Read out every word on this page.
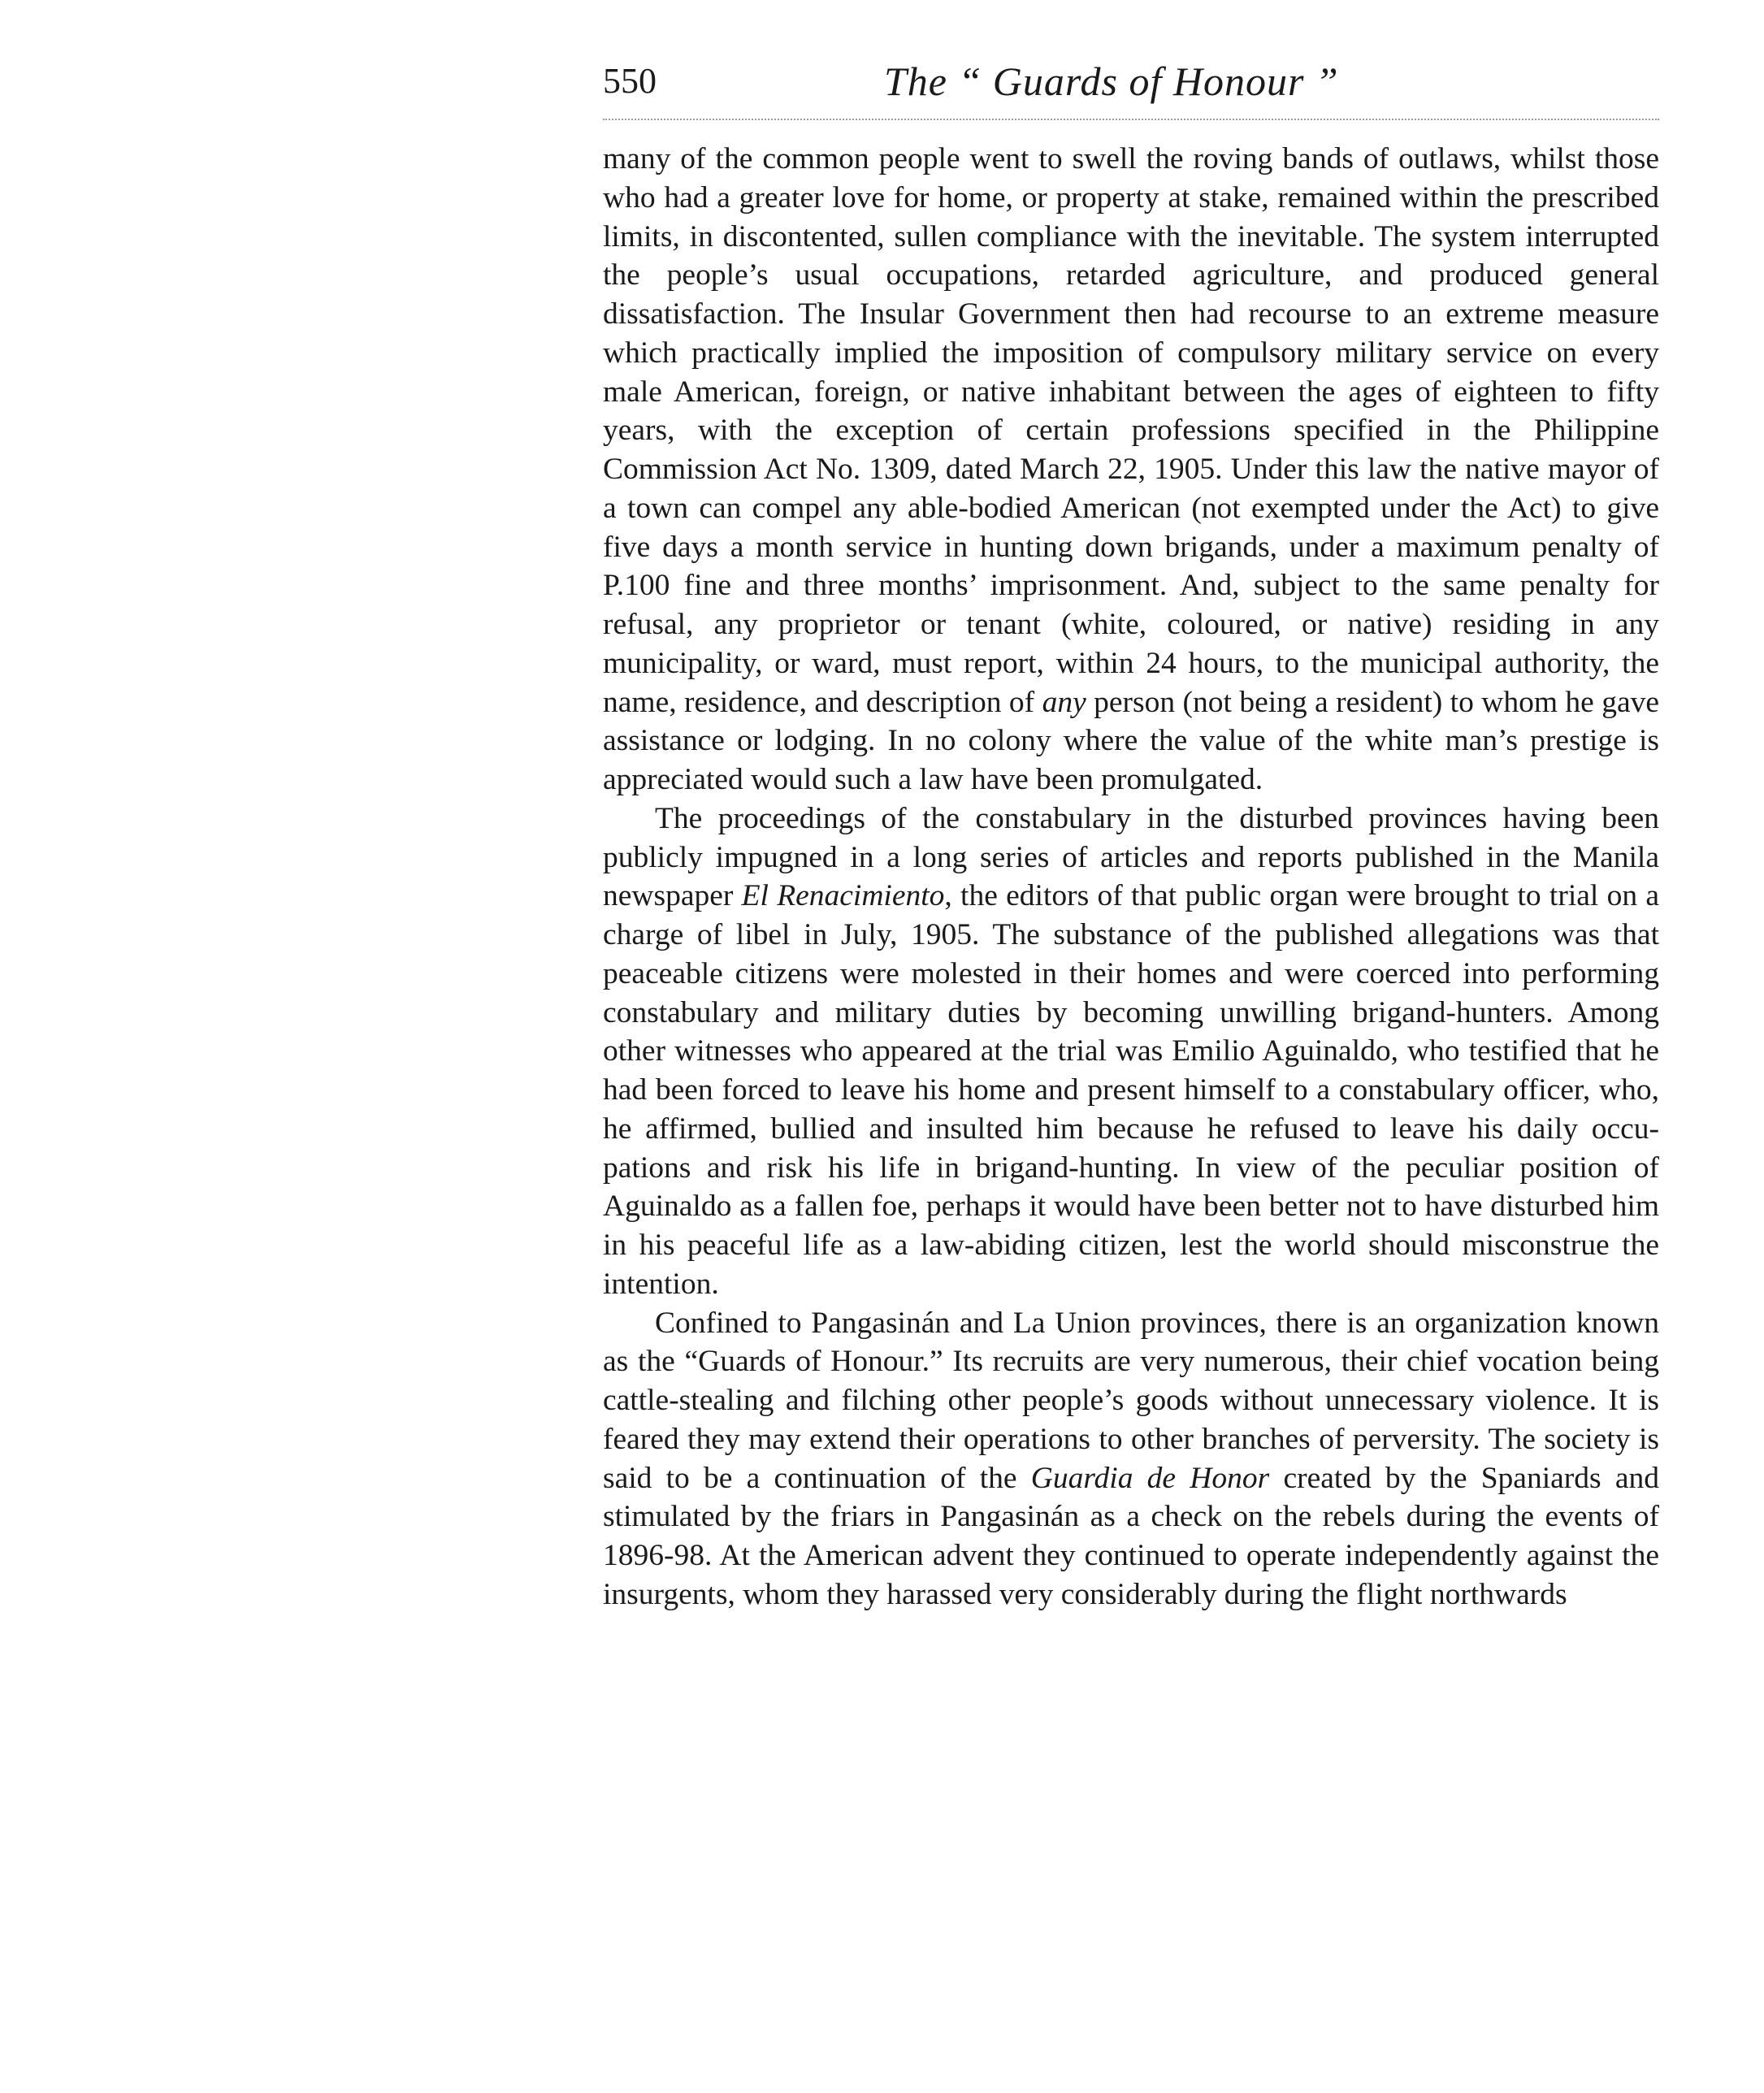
550	The “ Guards of Honour ”

many of the common people went to swell the roving bands of outlaws, whilst those who had a greater love for home, or property at stake, remained within the prescribed limits, in discontented, sullen compliance with the inevitable. The system interrupted the people’s usual occupations, retarded agriculture, and produced general dissatisfaction. The Insular Government then had recourse to an extreme measure which practically implied the imposition of compulsory military service on every male American, foreign, or native inhabitant between the ages of eighteen to fifty years, with the exception of certain professions specified in the Philippine Commission Act No. 1309, dated March 22, 1905. Under this law the native mayor of a town can compel any able-bodied American (not exempted under the Act) to give five days a month service in hunting down brigands, under a maximum penalty of P.100 fine and three months’ imprisonment. And, subject to the same penalty for refusal, any proprietor or tenant (white, coloured, or native) residing in any municipality, or ward, must report, within 24 hours, to the municipal authority, the name, residence, and description of any person (not being a resident) to whom he gave assistance or lodging. In no colony where the value of the white man’s prestige is appreciated would such a law have been promulgated.

The proceedings of the constabulary in the disturbed provinces having been publicly impugned in a long series of articles and reports published in the Manila newspaper El Renacimiento, the editors of that public organ were brought to trial on a charge of libel in July, 1905. The substance of the published allegations was that peaceable citizens were molested in their homes and were coerced into performing constabulary and military duties by becoming unwilling brigand-hunters. Among other witnesses who appeared at the trial was Emilio Aguinaldo, who testified that he had been forced to leave his home and present himself to a constabulary officer, who, he affirmed, bullied and insulted him because he refused to leave his daily occu-pations and risk his life in brigand-hunting. In view of the peculiar position of Aguinaldo as a fallen foe, perhaps it would have been better not to have disturbed him in his peaceful life as a law-abiding citizen, lest the world should misconstrue the intention.

Confined to Pangasinán and La Union provinces, there is an organization known as the “Guards of Honour.” Its recruits are very numerous, their chief vocation being cattle-stealing and filching other people’s goods without unnecessary violence. It is feared they may extend their operations to other branches of perversity. The society is said to be a continuation of the Guardia de Honor created by the Spaniards and stimulated by the friars in Pangasinán as a check on the rebels during the events of 1896-98. At the American advent they continued to operate independently against the insurgents, whom they harassed very considerably during the flight northwards
